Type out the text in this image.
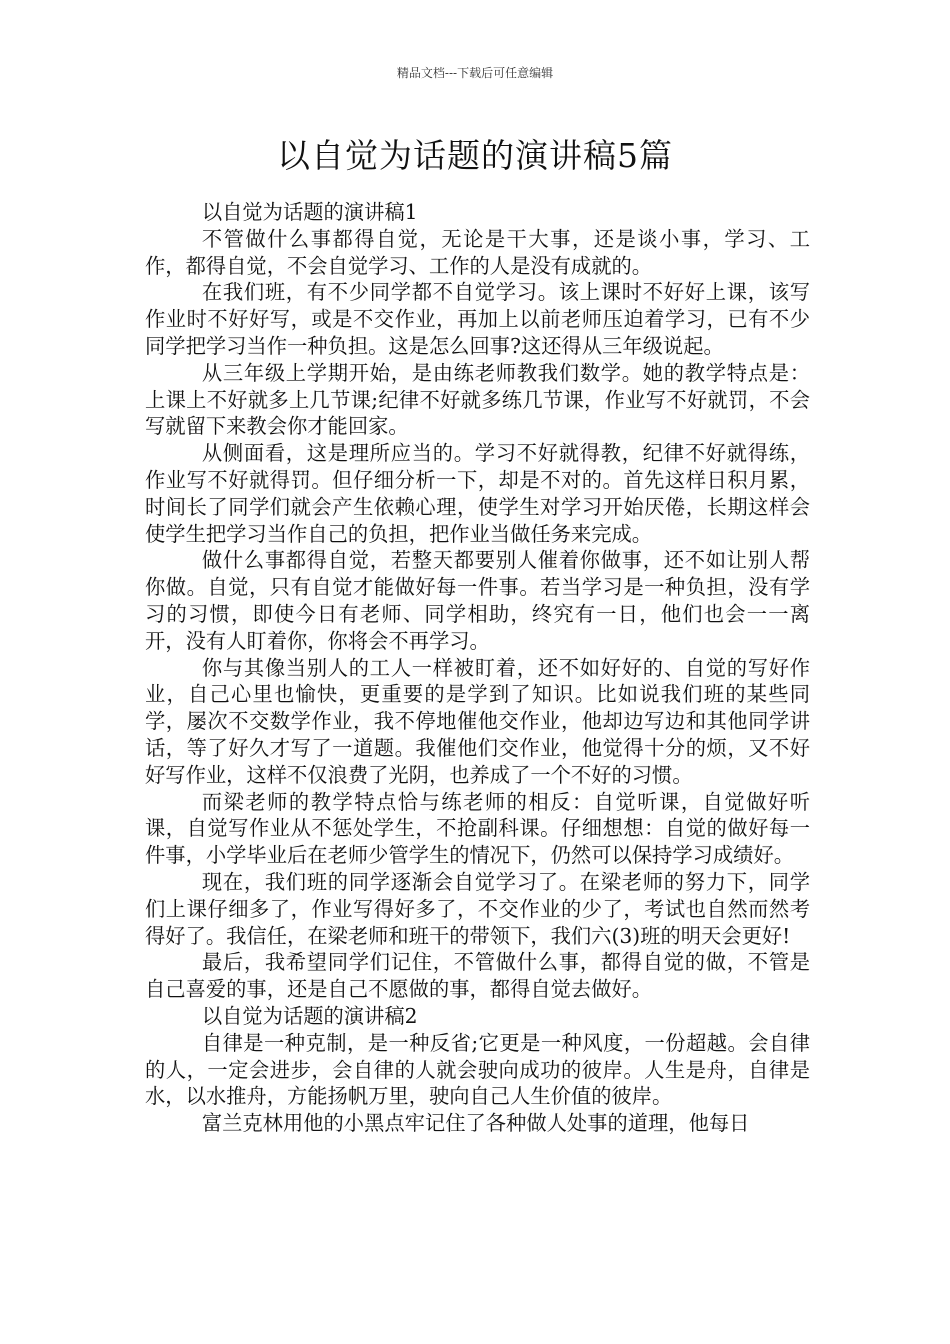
精品文档---下载后可任意编辑
以自觉为话题的演讲稿5篇

以自觉为话题的演讲稿1

不管做什么事都得自觉，无论是干大事，还是谈小事，学习、工作，都得自觉，不会自觉学习、工作的人是没有成就的。

在我们班，有不少同学都不自觉学习。该上课时不好好上课，该写作业时不好好写，或是不交作业，再加上以前老师压迫着学习，已有不少同学把学习当作一种负担。这是怎么回事?这还得从三年级说起。

从三年级上学期开始，是由练老师教我们数学。她的教学特点是：上课上不好就多上几节课;纪律不好就多练几节课，作业写不好就罚，不会写就留下来教会你才能回家。

从侧面看，这是理所应当的。学习不好就得教，纪律不好就得练，作业写不好就得罚。但仔细分析一下，却是不对的。首先这样日积月累，时间长了同学们就会产生依赖心理，使学生对学习开始厌倦，长期这样会使学生把学习当作自己的负担，把作业当做任务来完成。

做什么事都得自觉，若整天都要别人催着你做事，还不如让别人帮你做。自觉，只有自觉才能做好每一件事。若当学习是一种负担，没有学习的习惯，即使今日有老师、同学相助，终究有一日，他们也会一一离开，没有人盯着你，你将会不再学习。

你与其像当别人的工人一样被盯着，还不如好好的、自觉的写好作业，自己心里也愉快，更重要的是学到了知识。比如说我们班的某些同学，屡次不交数学作业，我不停地催他交作业，他却边写边和其他同学讲话，等了好久才写了一道题。我催他们交作业，他觉得十分的烦，又不好好写作业，这样不仅浪费了光阴，也养成了一个不好的习惯。

而梁老师的教学特点恰与练老师的相反：自觉听课，自觉做好听课，自觉写作业从不惩处学生，不抢副科课。仔细想想：自觉的做好每一件事，小学毕业后在老师少管学生的情况下，仍然可以保持学习成绩好。

现在，我们班的同学逐渐会自觉学习了。在梁老师的努力下，同学们上课仔细多了，作业写得好多了，不交作业的少了，考试也自然而然考得好了。我信任，在梁老师和班干的带领下，我们六(3)班的明天会更好!

最后，我希望同学们记住，不管做什么事，都得自觉的做，不管是自己喜爱的事，还是自己不愿做的事，都得自觉去做好。

以自觉为话题的演讲稿2

自律是一种克制，是一种反省;它更是一种风度，一份超越。会自律的人，一定会进步，会自律的人就会驶向成功的彼岸。人生是舟，自律是水，以水推舟，方能扬帆万里，驶向自己人生价值的彼岸。

富兰克林用他的小黑点牢记住了各种做人处事的道理，他每日
